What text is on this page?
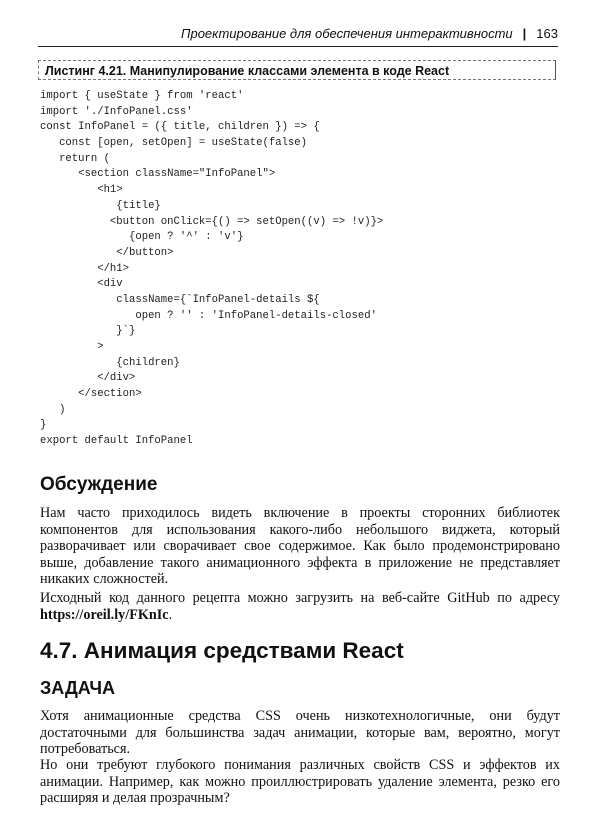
Проектирование для обеспечения интерактивности | 163
Листинг 4.21. Манипулирование классами элемента в коде React
import { useState } from 'react'
import './InfoPanel.css'
const InfoPanel = ({ title, children }) => {
const [open, setOpen] = useState(false)
return (
<section className="InfoPanel">
<h1>
{title}
<button onClick={() => setOpen((v) => !v)}>
{open ? '^' : 'v'}
</button>
</h1>
<div
className={`InfoPanel-details ${
open ? '' : 'InfoPanel-details-closed'
}`}
>
{children}
</div>
</section>
)
}
export default InfoPanel
Обсуждение

Нам часто приходилось видеть включение в проекты сторонних библиотек компонентов для использования какого-либо небольшого виджета, который разворачивает или сворачивает свое содержимое. Как было продемонстрировано выше, добавление такого анимационного эффекта в приложение не представляет никаких сложностей.

Исходный код данного рецепта можно загрузить на веб-сайте GitHub по адресу https://oreil.ly/FKnIc.

4.7. Анимация средствами React
ЗАДАЧА

Хотя анимационные средства CSS очень низкотехнологичные, они будут достаточными для большинства задач анимации, которые вам, вероятно, могут потребоваться.

Но они требуют глубокого понимания различных свойств CSS и эффектов их анимации. Например, как можно проиллюстрировать удаление элемента, резко его расширяя и делая прозрачным?
